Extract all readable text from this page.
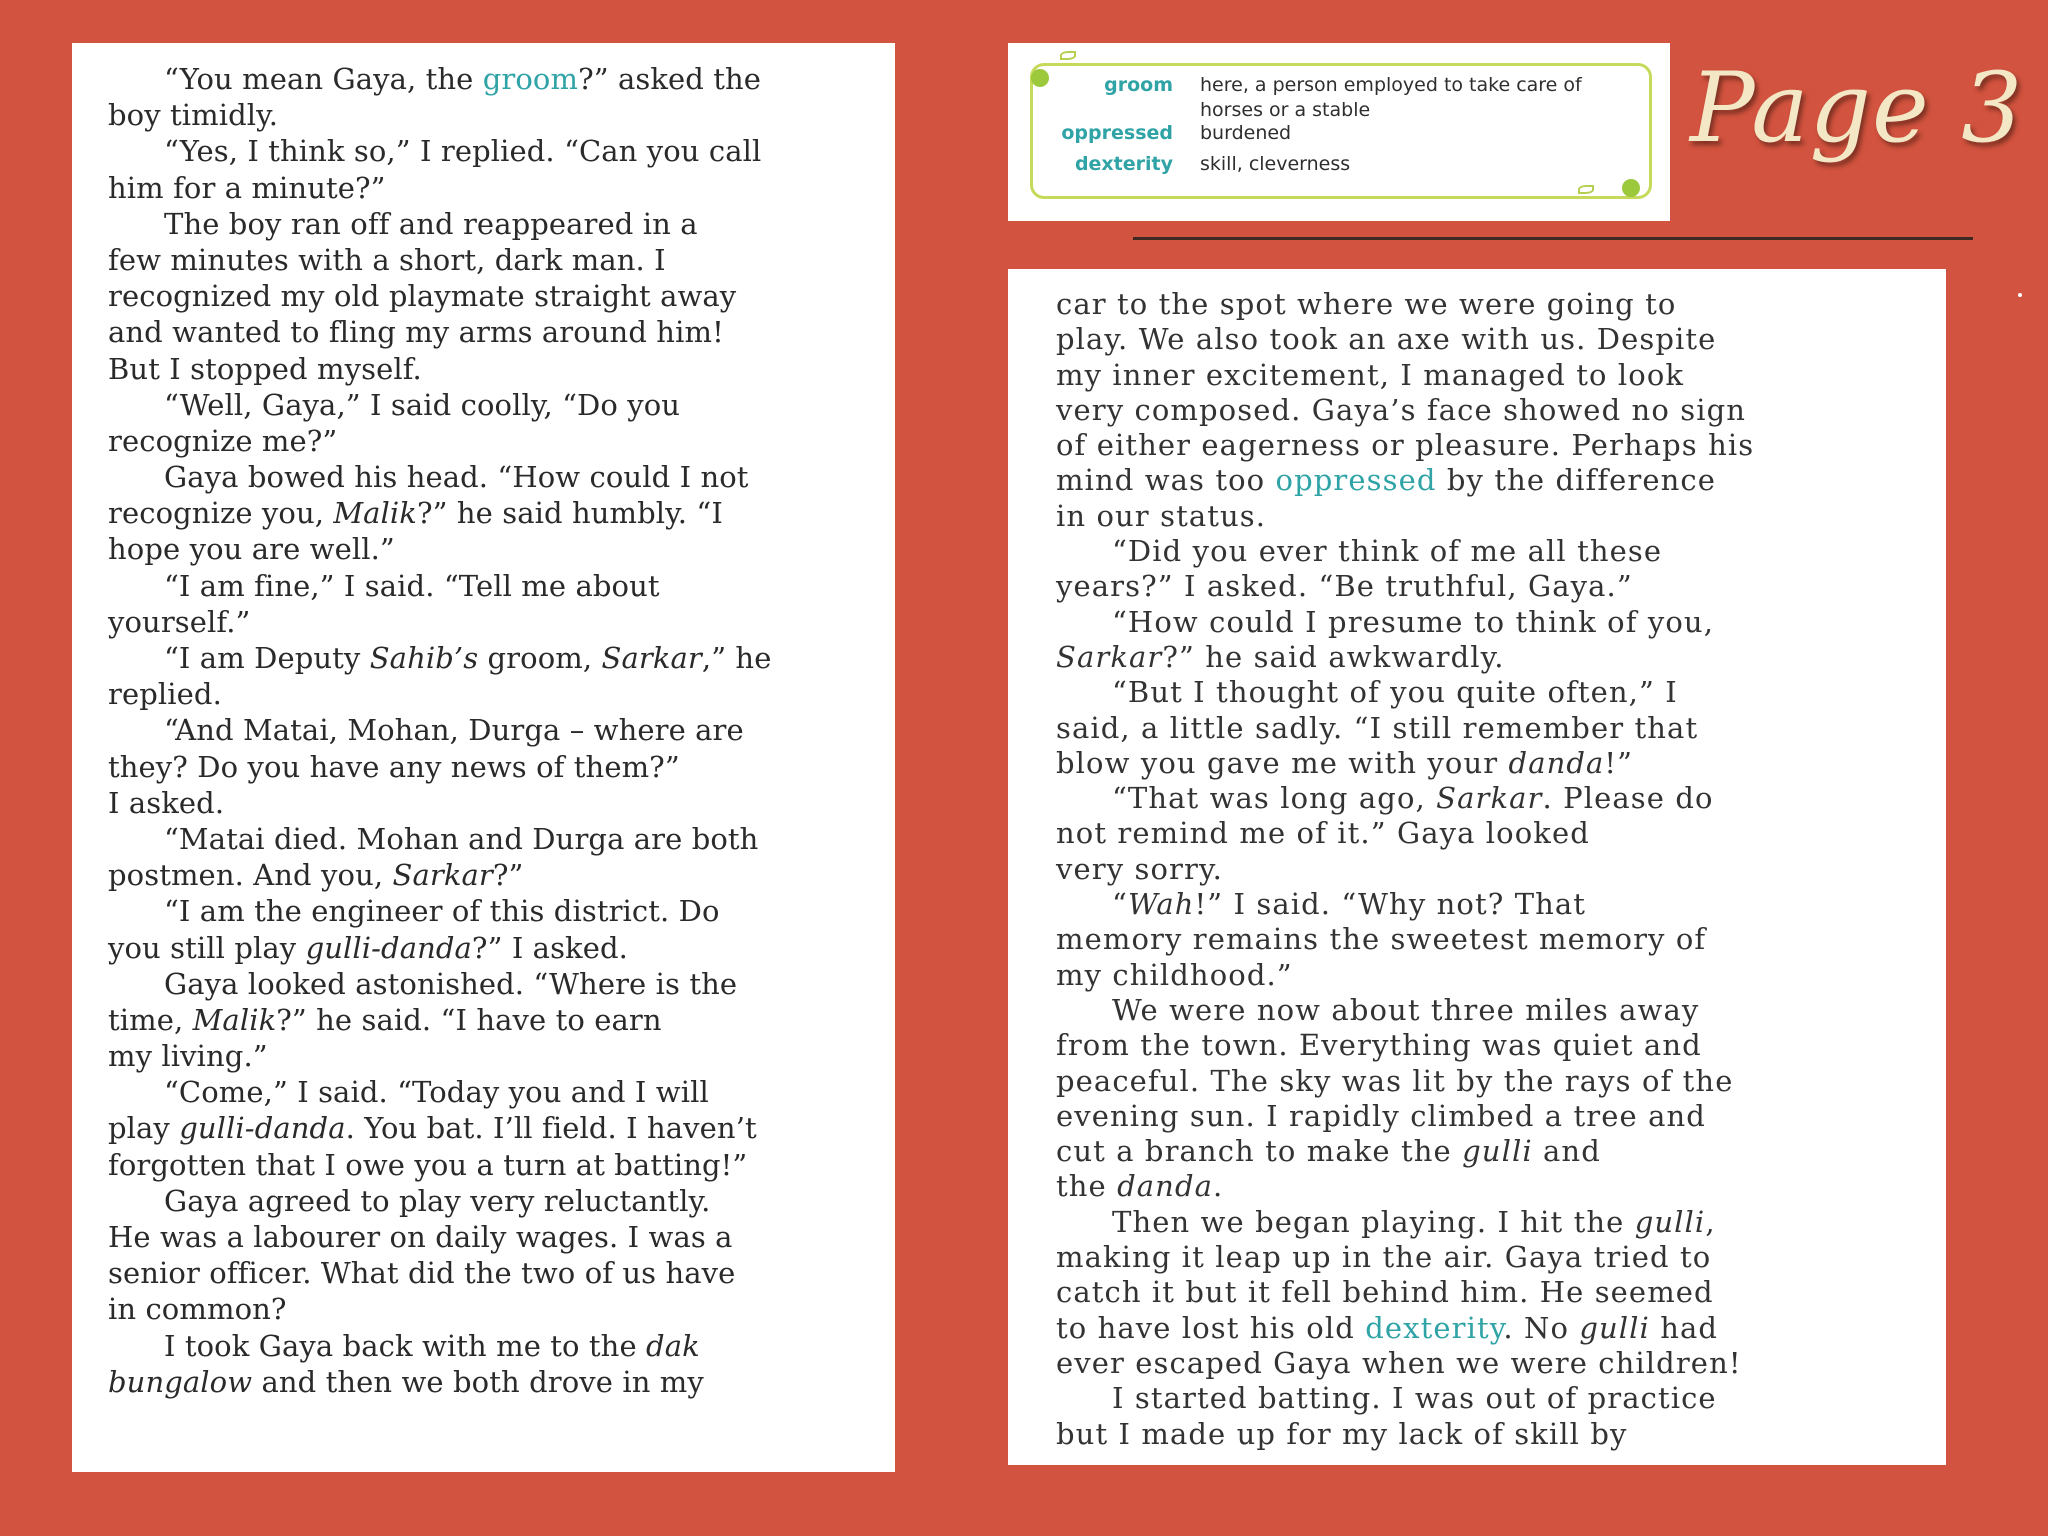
“You mean Gaya, the groom?” asked the
boy timidly.
“Yes, I think so,” I replied. “Can you call
him for a minute?”
The boy ran off and reappeared in a
few minutes with a short, dark man. I
recognized my old playmate straight away
and wanted to fling my arms around him!
But I stopped myself.
“Well, Gaya,” I said coolly, “Do you
recognize me?”
Gaya bowed his head. “How could I not
recognize you, Malik?” he said humbly. “I
hope you are well.”
“I am fine,” I said. “Tell me about
yourself.”
“I am Deputy Sahib’s groom, Sarkar,” he
replied.
“And Matai, Mohan, Durga – where are
they? Do you have any news of them?”
I asked.
“Matai died. Mohan and Durga are both
postmen. And you, Sarkar?”
“I am the engineer of this district. Do
you still play gulli-danda?” I asked.
Gaya looked astonished. “Where is the
time, Malik?” he said. “I have to earn
my living.”
“Come,” I said. “Today you and I will
play gulli-danda. You bat. I’ll field. I haven’t
forgotten that I owe you a turn at batting!”
Gaya agreed to play very reluctantly.
He was a labourer on daily wages. I was a
senior officer. What did the two of us have
in common?
I took Gaya back with me to the dak
bungalow and then we both drove in my
groom here, a person employed to take care of horses or a stable
oppressed burdened
dexterity skill, cleverness	Page 3
car to the spot where we were going to
play. We also took an axe with us. Despite
my inner excitement, I managed to look
very composed. Gaya’s face showed no sign
of either eagerness or pleasure. Perhaps his
mind was too oppressed by the difference
in our status.
“Did you ever think of me all these
years?” I asked. “Be truthful, Gaya.”
“How could I presume to think of you,
Sarkar?” he said awkwardly.
“But I thought of you quite often,” I
said, a little sadly. “I still remember that
blow you gave me with your danda!”
“That was long ago, Sarkar. Please do
not remind me of it.” Gaya looked
very sorry.
“Wah!” I said. “Why not? That
memory remains the sweetest memory of
my childhood.”
We were now about three miles away
from the town. Everything was quiet and
peaceful. The sky was lit by the rays of the
evening sun. I rapidly climbed a tree and
cut a branch to make the gulli and
the danda.
Then we began playing. I hit the gulli,
making it leap up in the air. Gaya tried to
catch it but it fell behind him. He seemed
to have lost his old dexterity. No gulli had
ever escaped Gaya when we were children!
I started batting. I was out of practice
but I made up for my lack of skill by
